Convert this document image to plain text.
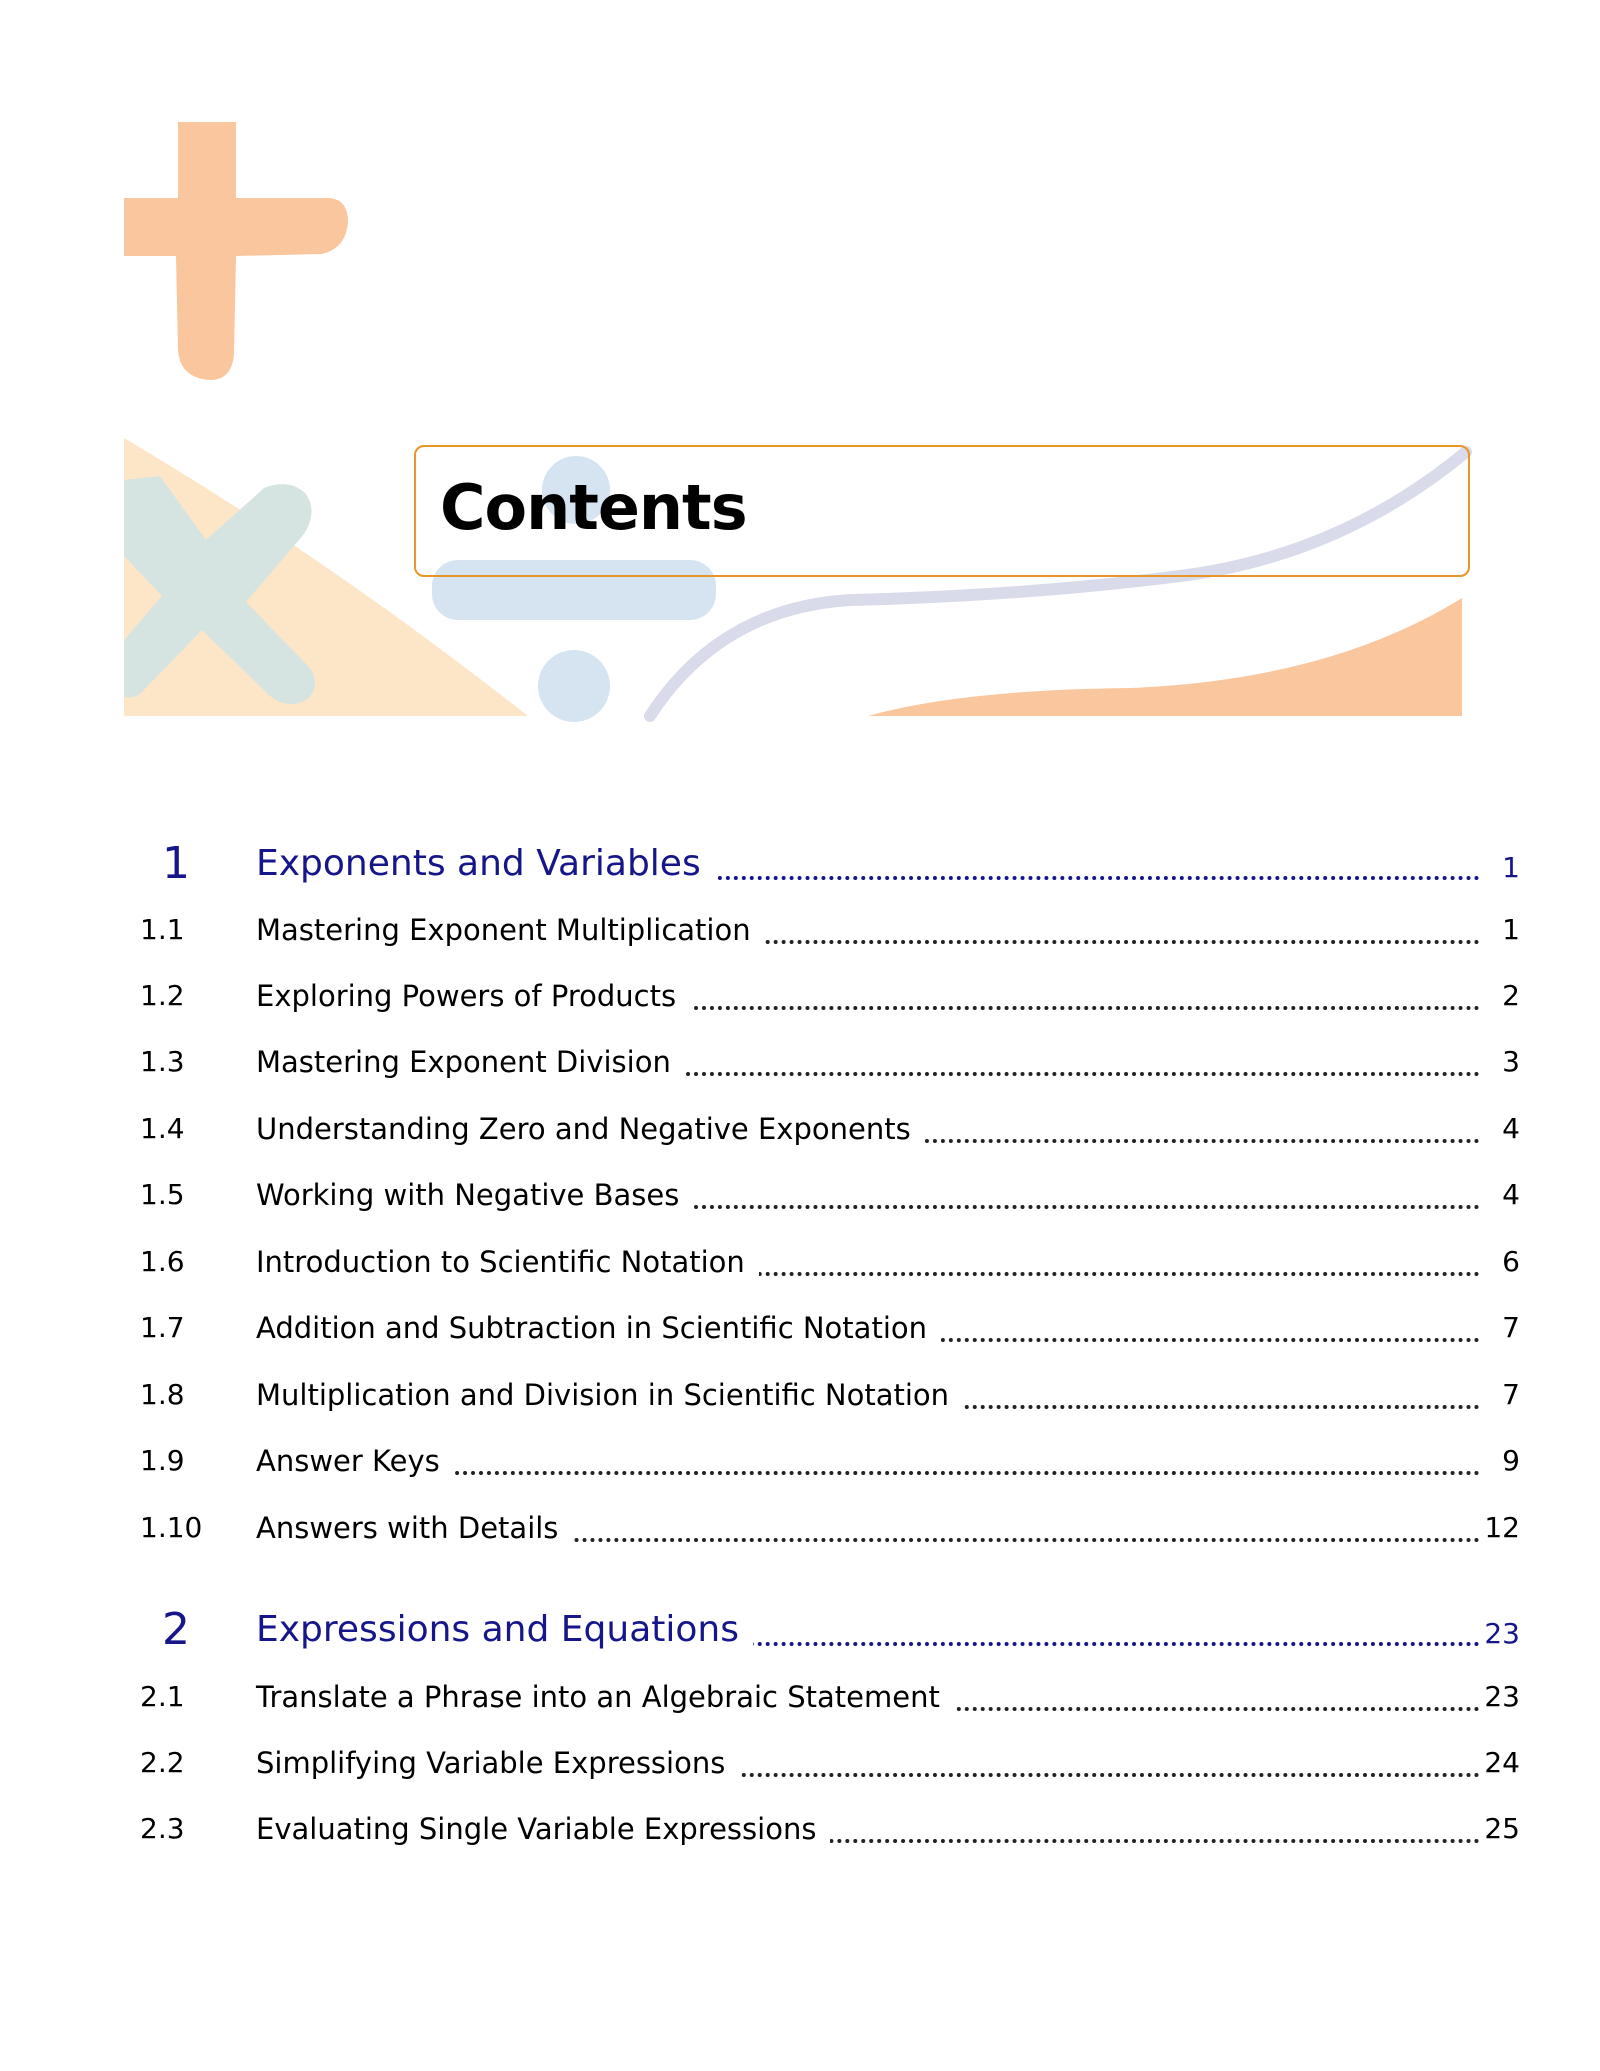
Contents
1	Exponents and Variables	1
1.1	Mastering Exponent Multiplication	1
1.2	Exploring Powers of Products	2
1.3	Mastering Exponent Division	3
1.4	Understanding Zero and Negative Exponents	4
1.5	Working with Negative Bases	4
1.6	Introduction to Scientific Notation	6
1.7	Addition and Subtraction in Scientific Notation	7
1.8	Multiplication and Division in Scientific Notation	7
1.9	Answer Keys	9
1.10	Answers with Details	12
2	Expressions and Equations	23
2.1	Translate a Phrase into an Algebraic Statement	23
2.2	Simplifying Variable Expressions	24
2.3	Evaluating Single Variable Expressions	25
